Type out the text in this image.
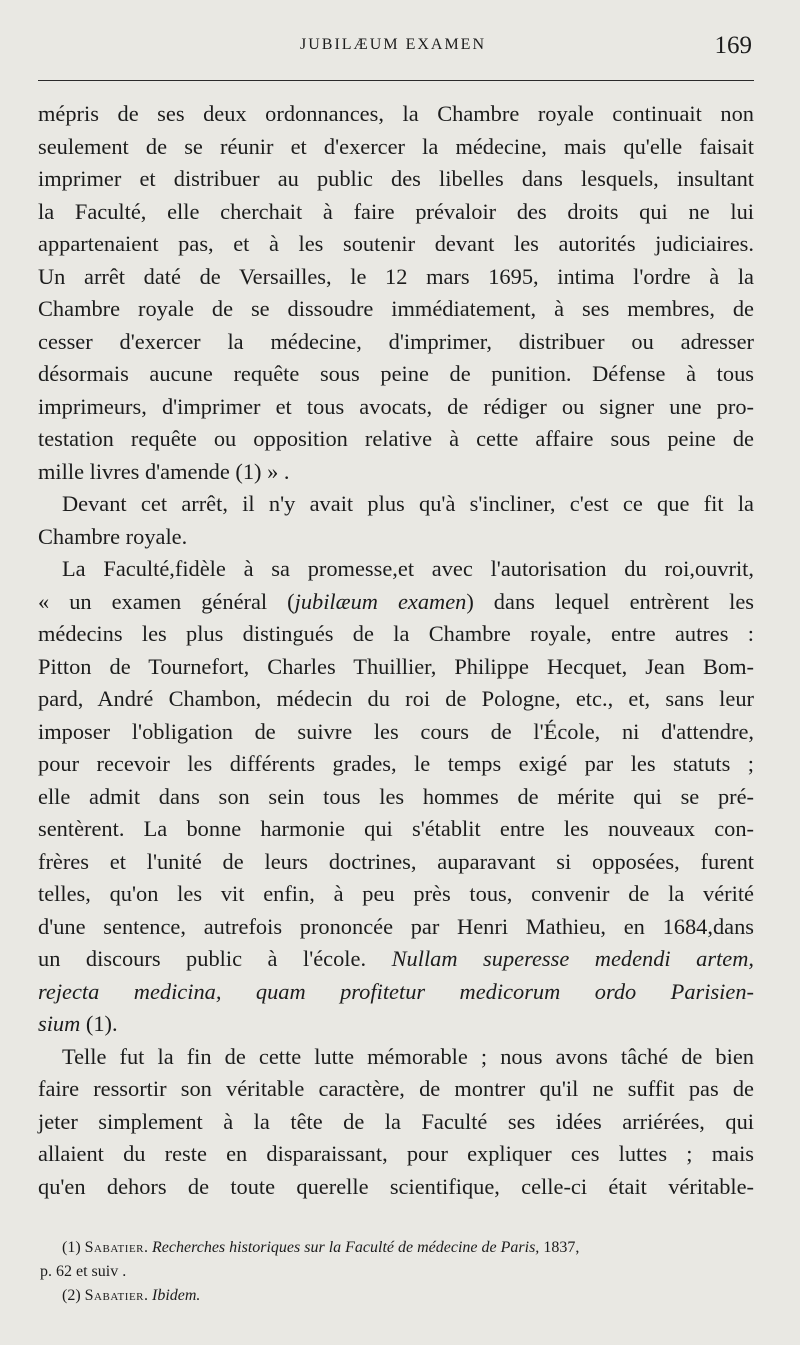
JUBILÆUM EXAMEN	169
mépris de ses deux ordonnances, la Chambre royale continuait non
seulement de se réunir et d'exercer la médecine, mais qu'elle faisait
imprimer et distribuer au public des libelles dans lesquels, insultant
la Faculté, elle cherchait à faire prévaloir des droits qui ne lui
appartenaient pas, et à les soutenir devant les autorités judiciaires.
Un arrêt daté de Versailles, le 12 mars 1695, intima l'ordre à la
Chambre royale de se dissoudre immédiatement, à ses membres, de
cesser d'exercer la médecine, d'imprimer, distribuer ou adresser
désormais aucune requête sous peine de punition. Défense à tous
imprimeurs, d'imprimer et tous avocats, de rédiger ou signer une pro-
testation requête ou opposition relative à cette affaire sous peine de
mille livres d'amende (1) » .
Devant cet arrêt, il n'y avait plus qu'à s'incliner, c'est ce que fit la
Chambre royale.
La Faculté,fidèle à sa promesse,et avec l'autorisation du roi,ouvrit,
« un examen général (jubilæum examen) dans lequel entrèrent les
médecins les plus distingués de la Chambre royale, entre autres :
Pitton de Tournefort, Charles Thuillier, Philippe Hecquet, Jean Bom-
pard, André Chambon, médecin du roi de Pologne, etc., et, sans leur
imposer l'obligation de suivre les cours de l'École, ni d'attendre,
pour recevoir les différents grades, le temps exigé par les statuts ;
elle admit dans son sein tous les hommes de mérite qui se pré-
sentèrent. La bonne harmonie qui s'établit entre les nouveaux con-
frères et l'unité de leurs doctrines, auparavant si opposées, furent
telles, qu'on les vit enfin, à peu près tous, convenir de la vérité
d'une sentence, autrefois prononcée par Henri Mathieu, en 1684,dans
un discours public à l'école. Nullam superesse medendi artem,
rejecta medicina, quam profitetur medicorum ordo Parisien-
sium (1).
Telle fut la fin de cette lutte mémorable ; nous avons tâché de bien
faire ressortir son véritable caractère, de montrer qu'il ne suffit pas de
jeter simplement à la tête de la Faculté ses idées arriérées, qui
allaient du reste en disparaissant, pour expliquer ces luttes ; mais
qu'en dehors de toute querelle scientifique, celle-ci était véritable-
(1) Sabatier. Recherches historiques sur la Faculté de médecine de Paris, 1837,
p. 62 et suiv .
(2) Sabatier. Ibidem.
